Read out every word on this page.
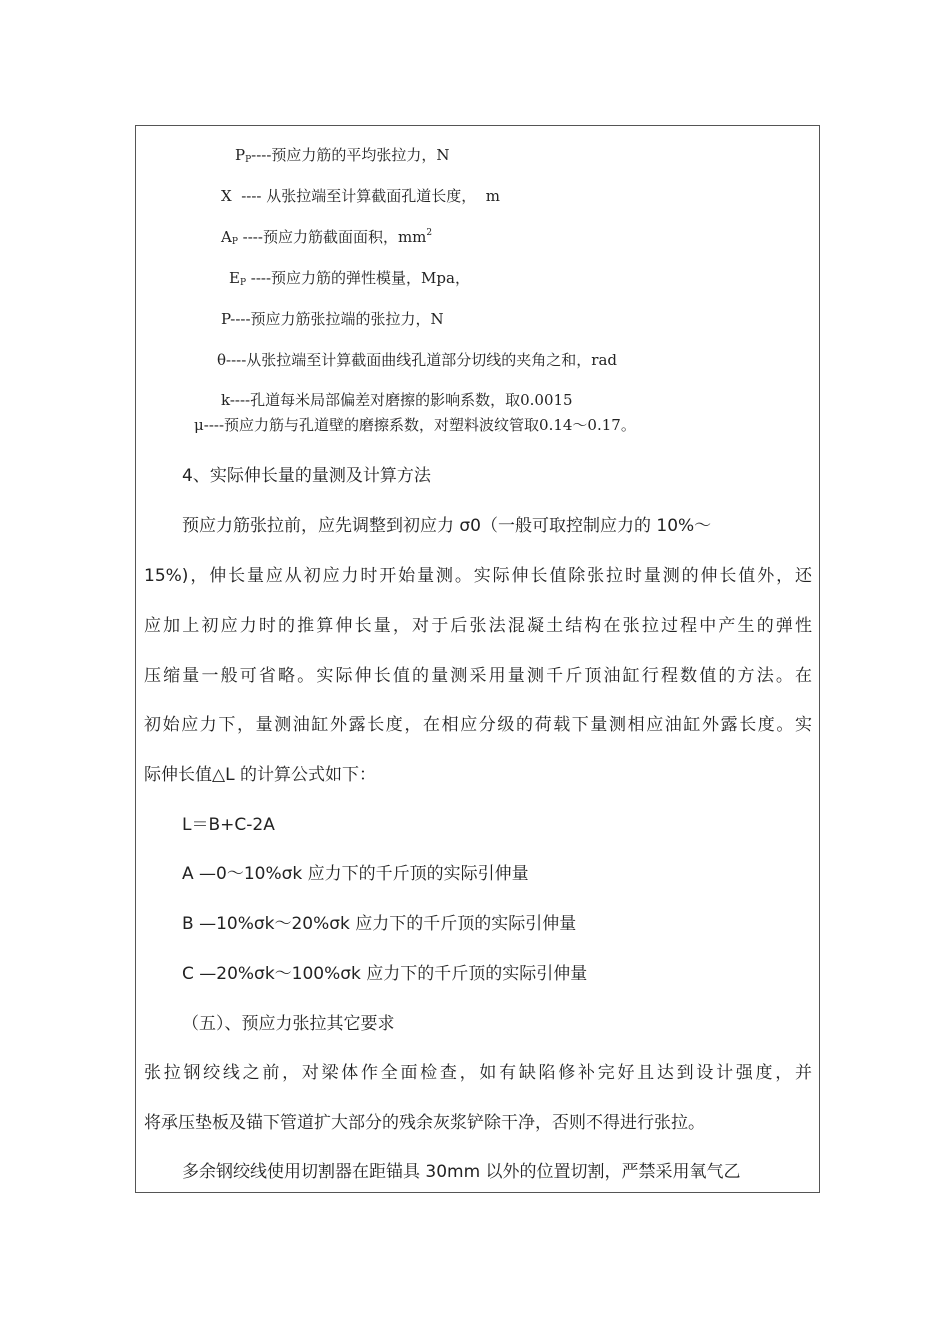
$P_P----$预应力筋的平均张拉力，N
X  ---- 从张拉端至计算截面孔道长度，  m
$A_P$ ----预应力筋截面面积，$mm^2$
$E_P$ ----预应力筋的弹性模量，Mpa，
P----预应力筋张拉端的张拉力，N
θ----从张拉端至计算截面曲线孔道部分切线的夹角之和，rad
k----孔道每米局部偏差对磨擦的影响系数，取0.0015
μ----预应力筋与孔道壁的磨擦系数，对塑料波纹管取0.14～0.17。
4、实际伸长量的量测及计算方法
预应力筋张拉前，应先调整到初应力 σ0（一般可取控制应力的 10%～
15%)，伸长量应从初应力时开始量测。实际伸长值除张拉时量测的伸长值外，还
应加上初应力时的推算伸长量，对于后张法混凝土结构在张拉过程中产生的弹性
压缩量一般可省略。实际伸长值的量测采用量测千斤顶油缸行程数值的方法。在
初始应力下，量测油缸外露长度，在相应分级的荷载下量测相应油缸外露长度。实
际伸长值△L 的计算公式如下：
L＝B+C-2A
A —0～10%σk 应力下的千斤顶的实际引伸量
B —10%σk～20%σk 应力下的千斤顶的实际引伸量
C —20%σk～100%σk 应力下的千斤顶的实际引伸量
（五）、预应力张拉其它要求
张拉钢绞线之前，对梁体作全面检查，如有缺陷修补完好且达到设计强度，并
将承压垫板及锚下管道扩大部分的残余灰浆铲除干净，否则不得进行张拉。
多余钢绞线使用切割器在距锚具 30mm 以外的位置切割，严禁采用氧气乙
